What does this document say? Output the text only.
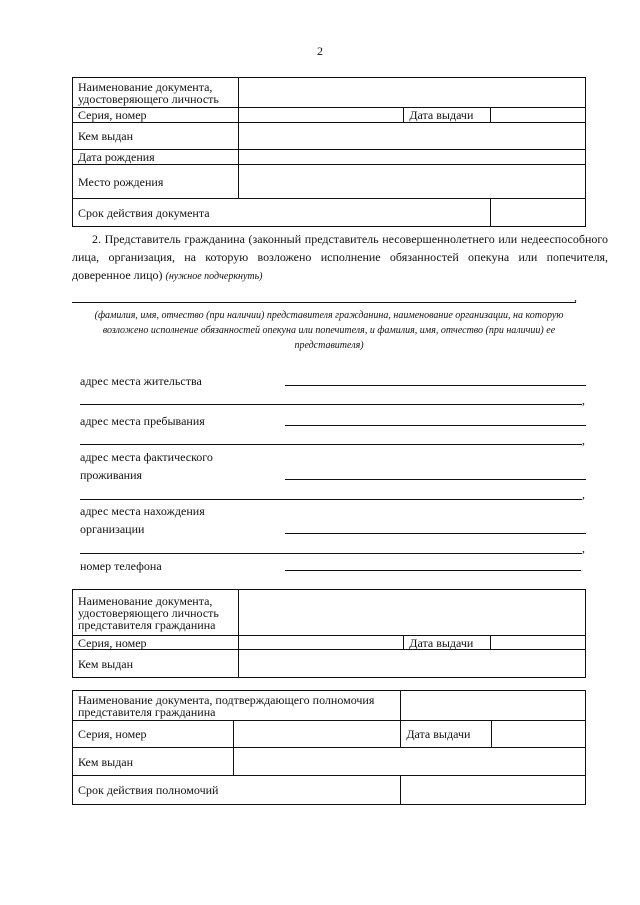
2
Наименование документа, удостоверяющего личность			
Серия, номер		Дата выдачи	
Кем выдан			
Дата рождения			
Место рождения			
Срок действия документа			
2. Представитель гражданина (законный представитель несовершеннолетнего или недееспособного лица, организация, на которую возложено исполнение обязанностей опекуна или попечителя, доверенное лицо) (нужное подчеркнуть)
,
(фамилия, имя, отчество (при наличии) представителя гражданина, наименование организации, на которую возложено исполнение обязанностей опекуна или попечителя, и фамилия, имя, отчество (при наличии) ее представителя)
адрес места жительства
,
адрес места пребывания
,
адрес места фактического проживания
,
адрес места нахождения организации
,
номер телефона
Наименование документа, удостоверяющего личность представителя гражданина			
Серия, номер		Дата выдачи	
Кем выдан			
Наименование документа, подтверждающего полномочия представителя гражданина				
Серия, номер			Дата выдачи	
Кем выдан				
Срок действия полномочий				
